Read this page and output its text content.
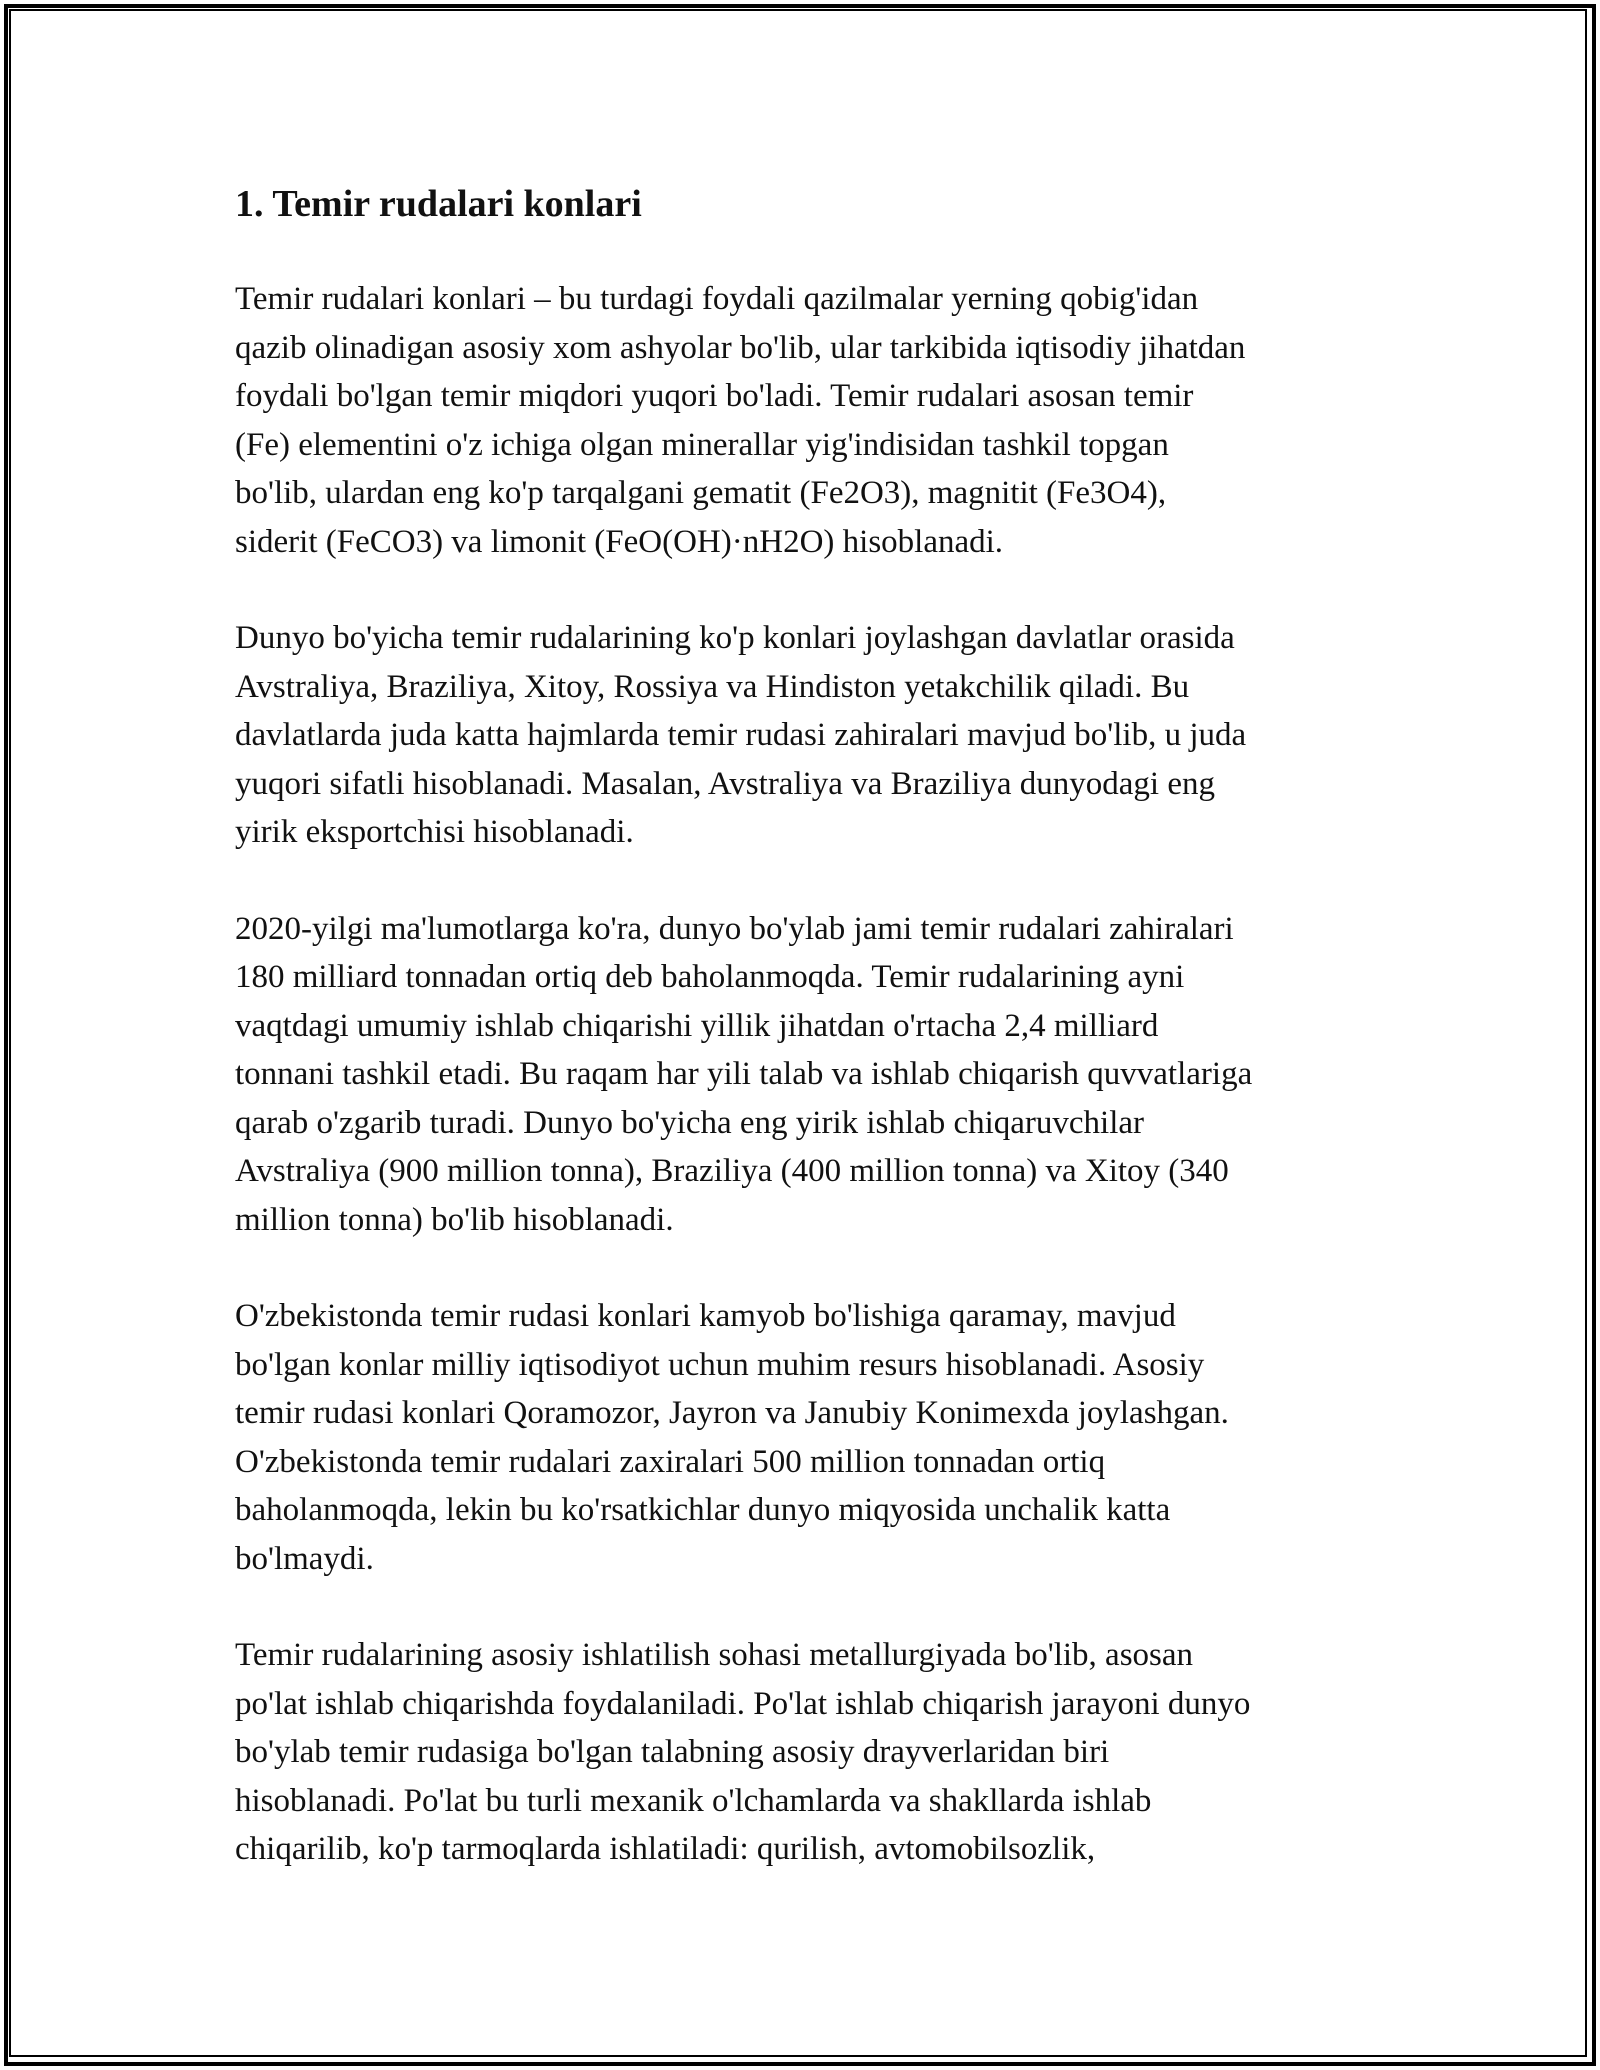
1. Temir rudalari konlari

Temir rudalari konlari – bu turdagi foydali qazilmalar yerning qobig'idan
qazib olinadigan asosiy xom ashyolar bo'lib, ular tarkibida iqtisodiy jihatdan
foydali bo'lgan temir miqdori yuqori bo'ladi. Temir rudalari asosan temir
(Fe) elementini o'z ichiga olgan minerallar yig'indisidan tashkil topgan
bo'lib, ulardan eng ko'p tarqalgani gematit (Fe2O3), magnitit (Fe3O4),
siderit (FeCO3) va limonit (FeO(OH)·nH2O) hisoblanadi.

Dunyo bo'yicha temir rudalarining ko'p konlari joylashgan davlatlar orasida
Avstraliya, Braziliya, Xitoy, Rossiya va Hindiston yetakchilik qiladi. Bu
davlatlarda juda katta hajmlarda temir rudasi zahiralari mavjud bo'lib, u juda
yuqori sifatli hisoblanadi. Masalan, Avstraliya va Braziliya dunyodagi eng
yirik eksportchisi hisoblanadi.

2020-yilgi ma'lumotlarga ko'ra, dunyo bo'ylab jami temir rudalari zahiralari
180 milliard tonnadan ortiq deb baholanmoqda. Temir rudalarining ayni
vaqtdagi umumiy ishlab chiqarishi yillik jihatdan o'rtacha 2,4 milliard
tonnani tashkil etadi. Bu raqam har yili talab va ishlab chiqarish quvvatlariga
qarab o'zgarib turadi. Dunyo bo'yicha eng yirik ishlab chiqaruvchilar
Avstraliya (900 million tonna), Braziliya (400 million tonna) va Xitoy (340
million tonna) bo'lib hisoblanadi.

O'zbekistonda temir rudasi konlari kamyob bo'lishiga qaramay, mavjud
bo'lgan konlar milliy iqtisodiyot uchun muhim resurs hisoblanadi. Asosiy
temir rudasi konlari Qoramozor, Jayron va Janubiy Konimexda joylashgan.
O'zbekistonda temir rudalari zaxiralari 500 million tonnadan ortiq
baholanmoqda, lekin bu ko'rsatkichlar dunyo miqyosida unchalik katta
bo'lmaydi.

Temir rudalarining asosiy ishlatilish sohasi metallurgiyada bo'lib, asosan
po'lat ishlab chiqarishda foydalaniladi. Po'lat ishlab chiqarish jarayoni dunyo
bo'ylab temir rudasiga bo'lgan talabning asosiy drayverlaridan biri
hisoblanadi. Po'lat bu turli mexanik o'lchamlarda va shakllarda ishlab
chiqarilib, ko'p tarmoqlarda ishlatiladi: qurilish, avtomobilsozlik,
